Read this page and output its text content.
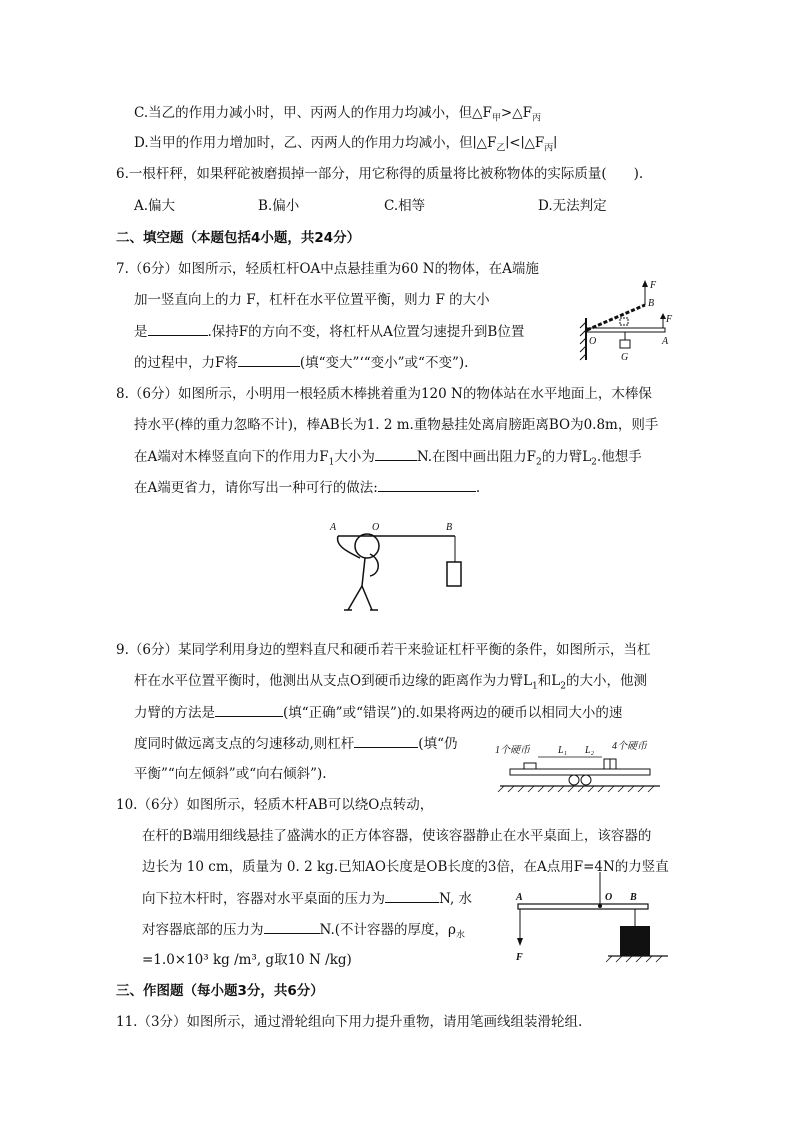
C.当乙的作用力减小时，甲、丙两人的作用力均减小，但$\triangle F_甲>\triangle F_丙$
D.当甲的作用力增加时，乙、丙两人的作用力均减小，但$∣\triangle F_乙∣<∣\triangle F_丙∣$
6.一根杆秤，如果秤砣被磨损掉一部分，用它称得的质量将比被称物体的实际质量(　　).
A.偏大	B.偏小	C.相等	D.无法判定
二、填空题（本题包括4小题，共24分）
7.（6分）如图所示，轻质杠杆OA中点悬挂重为60 N的物体，在A端施
加一竖直向上的力 F，杠杆在水平位置平衡，则力 F 的大小
是	.保持F的方向不变，将杠杆从A位置匀速提升到B位置
的过程中，力F将	(填“变大”‘“变小”或“不变”).
F
B
F
O	A
G
8.（6分）如图所示，小明用一根轻质木棒挑着重为120 N的物体站在水平地面上，木棒保
持水平(棒的重力忽略不计)，棒AB长为1. 2 m.重物悬挂处离肩膀距离BO为0.8m，则手
在A端对木棒竖直向下的作用力$F_1$大小为	N.在图中画出阻力$F_2$的力臂$L_2$.他想手
在A端更省力，请你写出一种可行的做法:	.
A	O	B
9.（6分）某同学利用身边的塑料直尺和硬币若干来验证杠杆平衡的条件，如图所示，当杠
杆在水平位置平衡时，他测出从支点O到硬币边缘的距离作为力臂$L_1$和$L_2$的大小，他测
力臂的方法是	(填“正确”或“错误”)的.如果将两边的硬币以相同大小的速
度同时做远离支点的匀速移动,则杠杆	(填“仍
平衡”“向左倾斜”或“向右倾斜”).
1个硬币	4个硬币
L₁ L₂
10.（6分）如图所示，轻质木杆AB可以绕O点转动，
在杆的B端用细线悬挂了盛满水的正方体容器，使该容器静止在水平桌面上，该容器的
边长为 10 cm，质量为 0. 2 kg.已知AO长度是OB长度的3倍，在A点用F=4N的力竖直
向下拉木杆时，容器对水平桌面的压力为	N, 水
对容器底部的压力为	N.(不计容器的厚度，$\rho_水$
=1.0×10³ kg /m³, g取10 N /kg)
A	O B
F
三、作图题（每小题3分，共6分）
11.（3分）如图所示，通过滑轮组向下用力提升重物，请用笔画线组装滑轮组.
